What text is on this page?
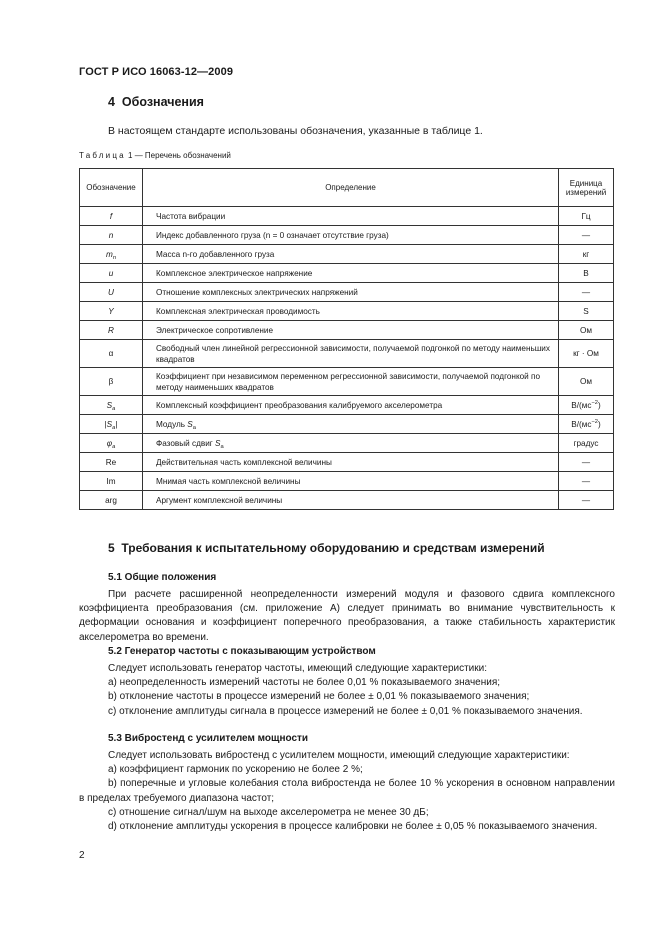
ГОСТ Р ИСО 16063-12—2009
4 Обозначения
В настоящем стандарте использованы обозначения, указанные в таблице 1.
Таблица 1 — Перечень обозначений
Обозначение	Определение	Единица
измерений
f	Частота вибрации	Гц
n	Индекс добавленного груза (n = 0 означает отсутствие груза)	—
$m_n$	Масса n-го добавленного груза	кг
u	Комплексное электрическое напряжение	В
U	Отношение комплексных электрических напряжений	—
Y	Комплексная электрическая проводимость	S
R	Электрическое сопротивление	Ом
α	Свободный член линейной регрессионной зависимости, получаемой подгонкой по методу наименьших квадратов	кг · Ом
β	Коэффициент при независимом переменном регрессионной зависимости, получаемой подгонкой по методу наименьших квадратов	Ом
$S_a$	Комплексный коэффициент преобразования калибруемого акселерометра	$В/(мс^{-2})$
$|S_a|$	Модуль $S_a$	$В/(мс^{-2})$
$\varphi_a$	Фазовый сдвиг $S_a$	градус
Re	Действительная часть комплексной величины	—
Im	Мнимая часть комплексной величины	—
arg	Аргумент комплексной величины	—
5 Требования к испытательному оборудованию и средствам измерений
5.1 Общие положения

При расчете расширенной неопределенности измерений модуля и фазового сдвига комплексного коэффициента преобразования (см. приложение А) следует принимать во внимание чувствительность к деформации основания и коэффициент поперечного преобразования, а также стабильность характеристик акселерометра во времени.

5.2 Генератор частоты с показывающим устройством

Следует использовать генератор частоты, имеющий следующие характеристики:

a) неопределенность измерений частоты не более 0,01 % показываемого значения;

b) отклонение частоты в процессе измерений не более ± 0,01 % показываемого значения;

c) отклонение амплитуды сигнала в процессе измерений не более ± 0,01 % показываемого значения.

5.3 Вибростенд с усилителем мощности

Следует использовать вибростенд с усилителем мощности, имеющий следующие характеристики:

a) коэффициент гармоник по ускорению не более 2 %;

b) поперечные и угловые колебания стола вибростенда не более 10 % ускорения в основном направлении в пределах требуемого диапазона частот;

c) отношение сигнал/шум на выходе акселерометра не менее 30 дБ;

d) отклонение амплитуды ускорения в процессе калибровки не более ± 0,05 % показываемого значения.

2
